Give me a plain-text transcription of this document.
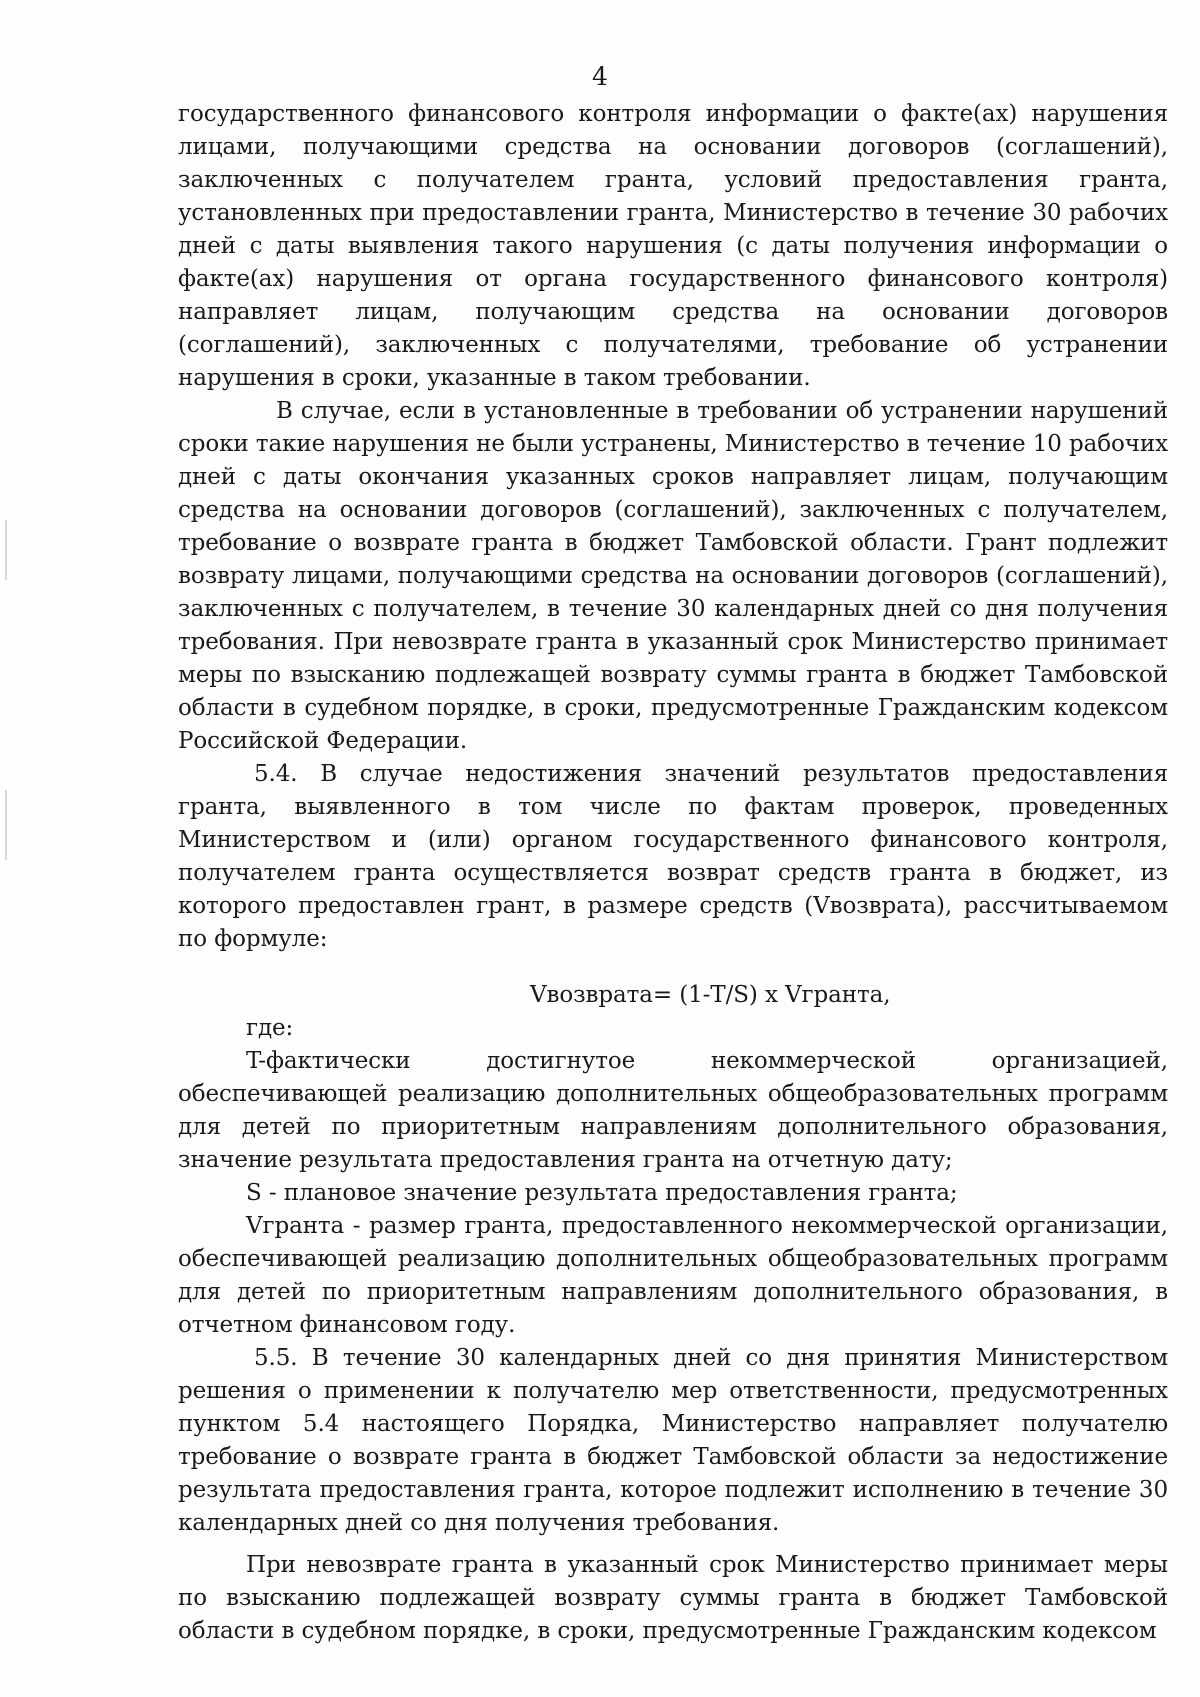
4

государственного финансового контроля информации о факте(ах) нарушения лицами, получающими средства на основании договоров (соглашений), заключенных с получателем гранта, условий предоставления гранта, установленных при предоставлении гранта, Министерство в течение 30 рабочих дней с даты выявления такого нарушения (с даты получения информации о факте(ах) нарушения от органа государственного финансового контроля) направляет лицам, получающим средства на основании договоров (соглашений), заключенных с получателями, требование об устранении нарушения в сроки, указанные в таком требовании.

В случае, если в установленные в требовании об устранении нарушений сроки такие нарушения не были устранены, Министерство в течение 10 рабочих дней с даты окончания указанных сроков направляет лицам, получающим средства на основании договоров (соглашений), заключенных с получателем, требование о возврате гранта в бюджет Тамбовской области. Грант подлежит возврату лицами, получающими средства на основании договоров (соглашений), заключенных с получателем, в течение 30 календарных дней со дня получения требования. При невозврате гранта в указанный срок Министерство принимает меры по взысканию подлежащей возврату суммы гранта в бюджет Тамбовской области в судебном порядке, в сроки, предусмотренные Гражданским кодексом Российской Федерации.

5.4. В случае недостижения значений результатов предоставления гранта, выявленного в том числе по фактам проверок, проведенных Министерством и (или) органом государственного финансового контроля, получателем гранта осуществляется возврат средств гранта в бюджет, из которого предоставлен грант, в размере средств (Vвозврата), рассчитываемом по формуле:

Vвозврата= (1-T/S) x Vгранта,

где:

T-фактически достигнутое некоммерческой организацией, обеспечивающей реализацию дополнительных общеобразовательных программ для детей по приоритетным направлениям дополнительного образования, значение результата предоставления гранта на отчетную дату;

S - плановое значение результата предоставления гранта;

Vгранта - размер гранта, предоставленного некоммерческой организации, обеспечивающей реализацию дополнительных общеобразовательных программ для детей по приоритетным направлениям дополнительного образования, в отчетном финансовом году.

5.5. В течение 30 календарных дней со дня принятия Министерством решения о применении к получателю мер ответственности, предусмотренных пунктом 5.4 настоящего Порядка, Министерство направляет получателю требование о возврате гранта в бюджет Тамбовской области за недостижение результата предоставления гранта, которое подлежит исполнению в течение 30 календарных дней со дня получения требования.

При невозврате гранта в указанный срок Министерство принимает меры по взысканию подлежащей возврату суммы гранта в бюджет Тамбовской области в судебном порядке, в сроки, предусмотренные Гражданским кодексом
